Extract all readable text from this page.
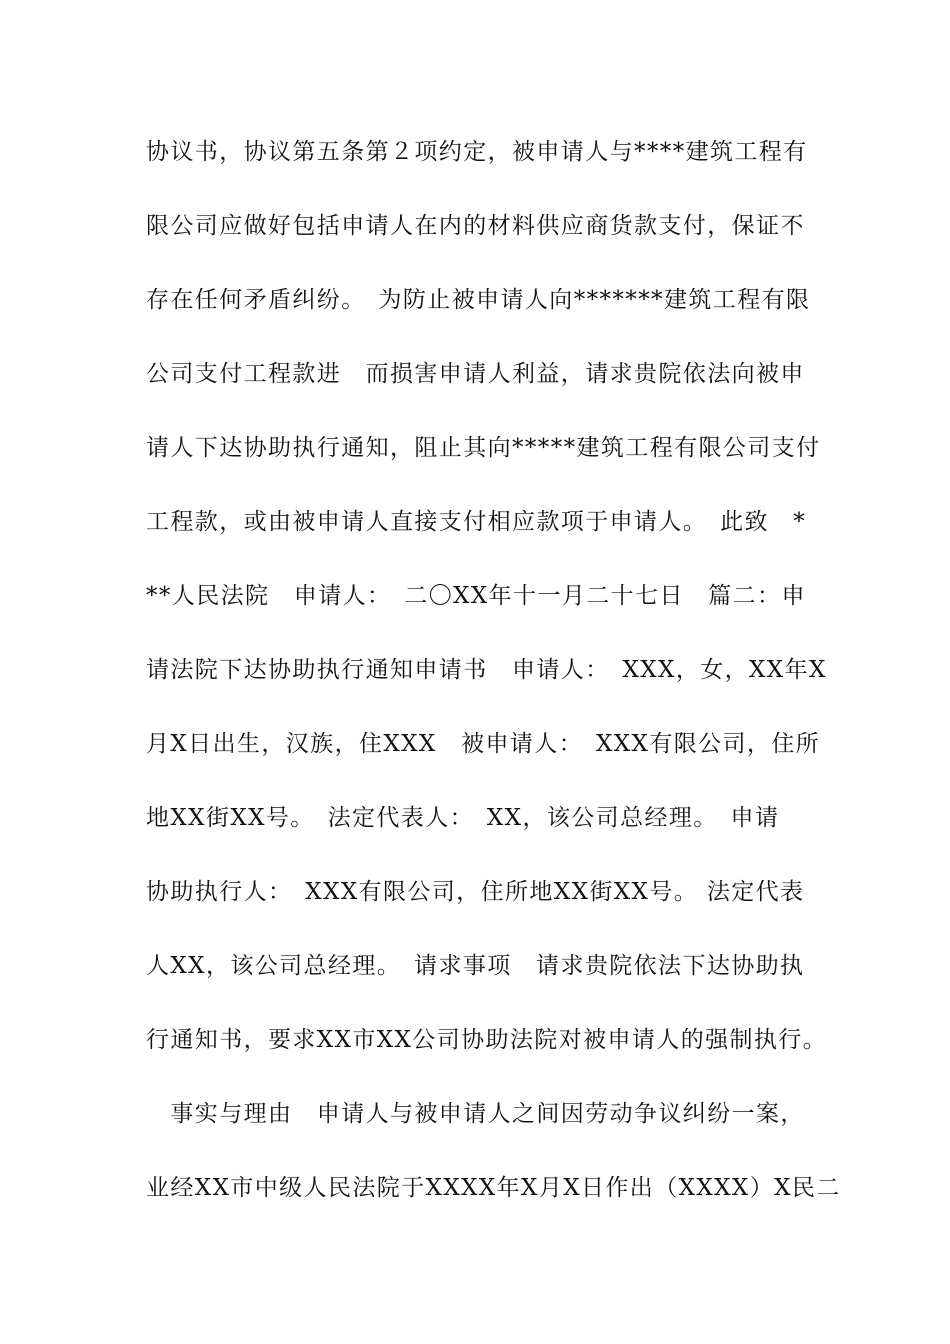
协议书，协议第五条第２项约定，被申请人与****建筑工程有
限公司应做好包括申请人在内的材料供应商货款支付，保证不
存在任何矛盾纠纷。　为防止被申请人向*******建筑工程有限
公司支付工程款进　而损害申请人利益，请求贵院依法向被申
请人下达协助执行通知，阻止其向*****建筑工程有限公司支付
工程款，或由被申请人直接支付相应款项于申请人。　此致　*
**人民法院　申请人：　二〇XX年十一月二十七日　篇二：申
请法院下达协助执行通知申请书　申请人：　XXX，女，XX年X
月X日出生，汉族，住XXX　被申请人：　XXX有限公司，住所
地XX街XX号。　法定代表人：　XX，该公司总经理。　申请
协助执行人：　XXX有限公司，住所地XX街XX号。 法定代表
人XX，该公司总经理。　请求事项　请求贵院依法下达协助执
行通知书，要求XX市XX公司协助法院对被申请人的强制执行。
　事实与理由　申请人与被申请人之间因劳动争议纠纷一案，
业经XX市中级人民法院于XXXX年X月X日作出（XXXX）X民二
